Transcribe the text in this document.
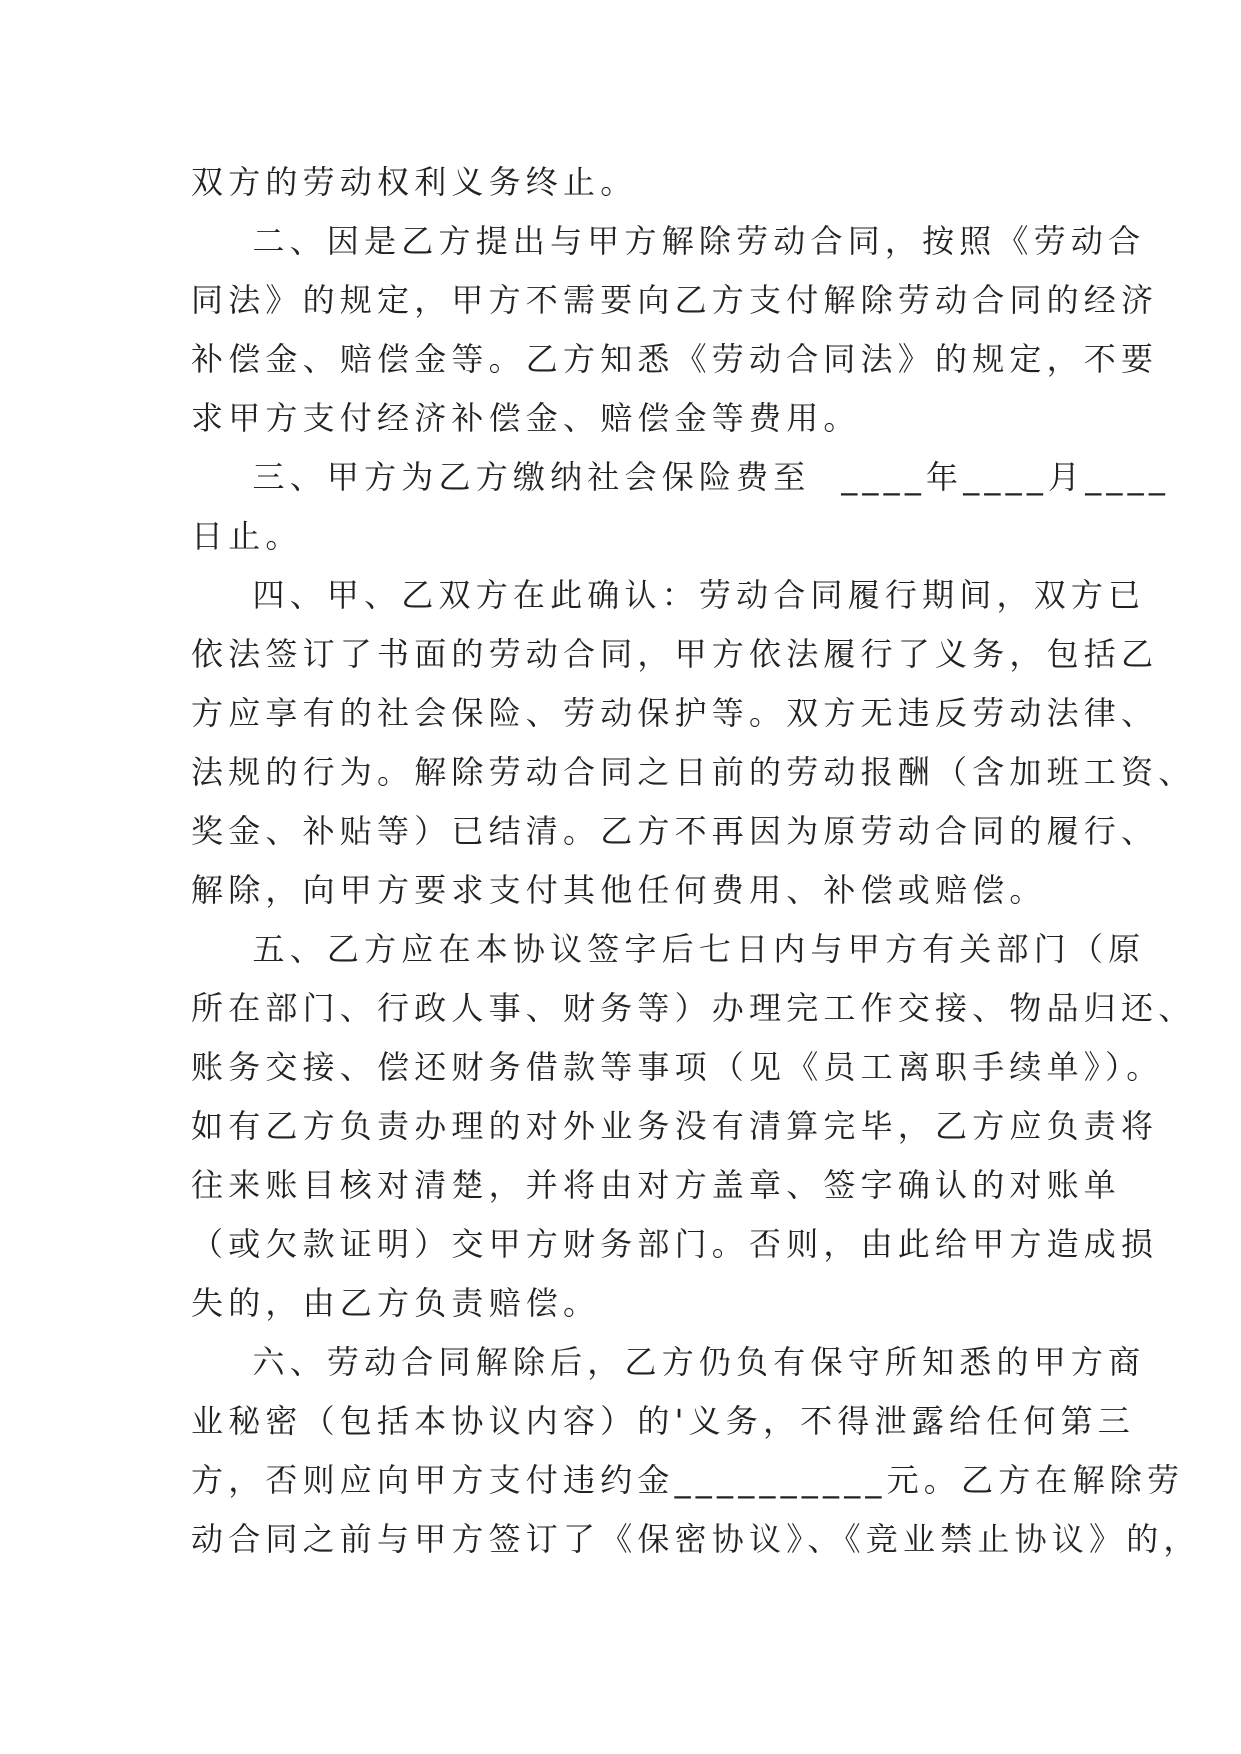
双方的劳动权利义务终止。
二、因是乙方提出与甲方解除劳动合同，按照《劳动合
同法》的规定，甲方不需要向乙方支付解除劳动合同的经济
补偿金、赔偿金等。乙方知悉《劳动合同法》的规定，不要
求甲方支付经济补偿金、赔偿金等费用。
三、甲方为乙方缴纳社会保险费至  ____年____月____
日止。
四、甲、乙双方在此确认：劳动合同履行期间，双方已
依法签订了书面的劳动合同，甲方依法履行了义务，包括乙
方应享有的社会保险、劳动保护等。双方无违反劳动法律、
法规的行为。解除劳动合同之日前的劳动报酬（含加班工资、
奖金、补贴等）已结清。乙方不再因为原劳动合同的履行、
解除，向甲方要求支付其他任何费用、补偿或赔偿。
五、乙方应在本协议签字后七日内与甲方有关部门（原
所在部门、行政人事、财务等）办理完工作交接、物品归还、
账务交接、偿还财务借款等事项（见《员工离职手续单》）。
如有乙方负责办理的对外业务没有清算完毕，乙方应负责将
往来账目核对清楚，并将由对方盖章、签字确认的对账单
（或欠款证明）交甲方财务部门。否则，由此给甲方造成损
失的，由乙方负责赔偿。
六、劳动合同解除后，乙方仍负有保守所知悉的甲方商
业秘密（包括本协议内容）的'义务，不得泄露给任何第三
方，否则应向甲方支付违约金__________元。乙方在解除劳
动合同之前与甲方签订了《保密协议》、《竞业禁止协议》的，
